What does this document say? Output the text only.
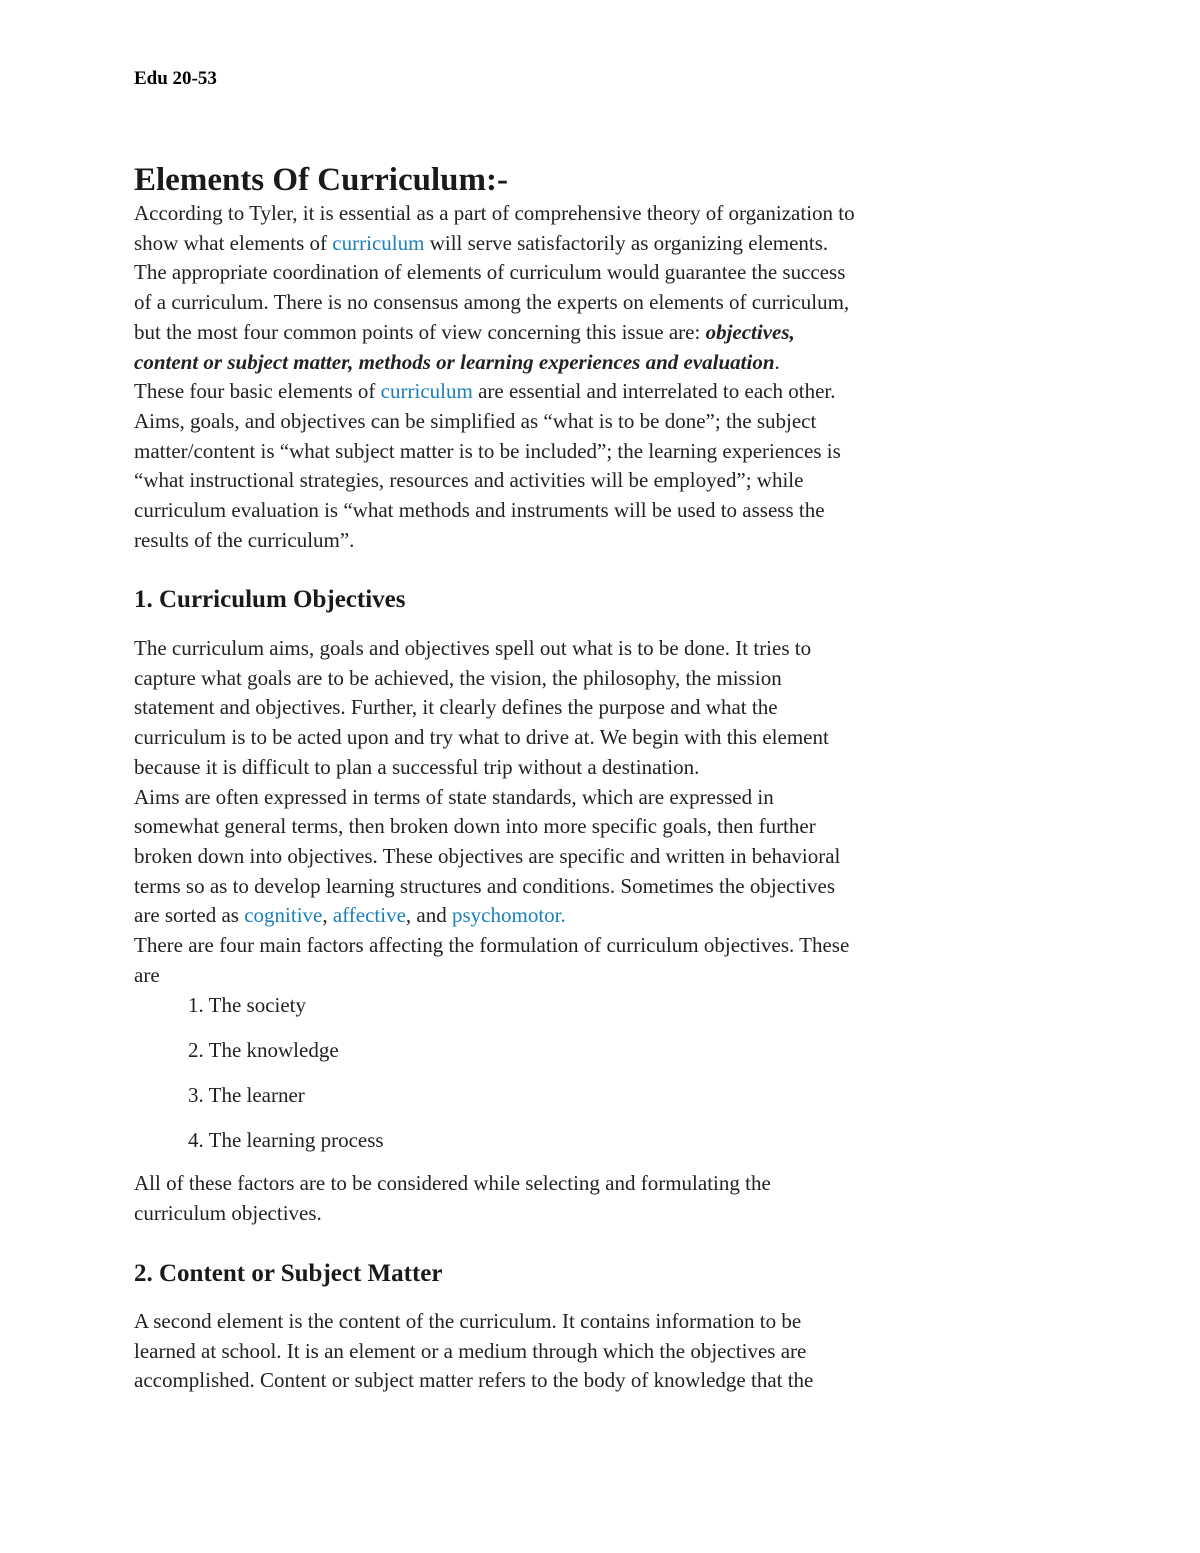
Edu 20-53
Elements Of Curriculum:-
According to Tyler, it is essential as a part of comprehensive theory of organization to
show what elements of curriculum will serve satisfactorily as organizing elements.
The appropriate coordination of elements of curriculum would guarantee the success
of a curriculum. There is no consensus among the experts on elements of curriculum,
but the most four common points of view concerning this issue are: objectives,
content or subject matter, methods or learning experiences and evaluation.
These four basic elements of curriculum are essential and interrelated to each other.
Aims, goals, and objectives can be simplified as “what is to be done”; the subject
matter/content is “what subject matter is to be included”; the learning experiences is
“what instructional strategies, resources and activities will be employed”; while
curriculum evaluation is “what methods and instruments will be used to assess the
results of the curriculum”.
1. Curriculum Objectives
The curriculum aims, goals and objectives spell out what is to be done. It tries to
capture what goals are to be achieved, the vision, the philosophy, the mission
statement and objectives. Further, it clearly defines the purpose and what the
curriculum is to be acted upon and try what to drive at. We begin with this element
because it is difficult to plan a successful trip without a destination.
Aims are often expressed in terms of state standards, which are expressed in
somewhat general terms, then broken down into more specific goals, then further
broken down into objectives. These objectives are specific and written in behavioral
terms so as to develop learning structures and conditions. Sometimes the objectives
are sorted as cognitive, affective, and psychomotor.
There are four main factors affecting the formulation of curriculum objectives. These
are
1. The society
2. The knowledge
3. The learner
4. The learning process
All of these factors are to be considered while selecting and formulating the
curriculum objectives.
2. Content or Subject Matter
A second element is the content of the curriculum. It contains information to be
learned at school. It is an element or a medium through which the objectives are
accomplished. Content or subject matter refers to the body of knowledge that the
